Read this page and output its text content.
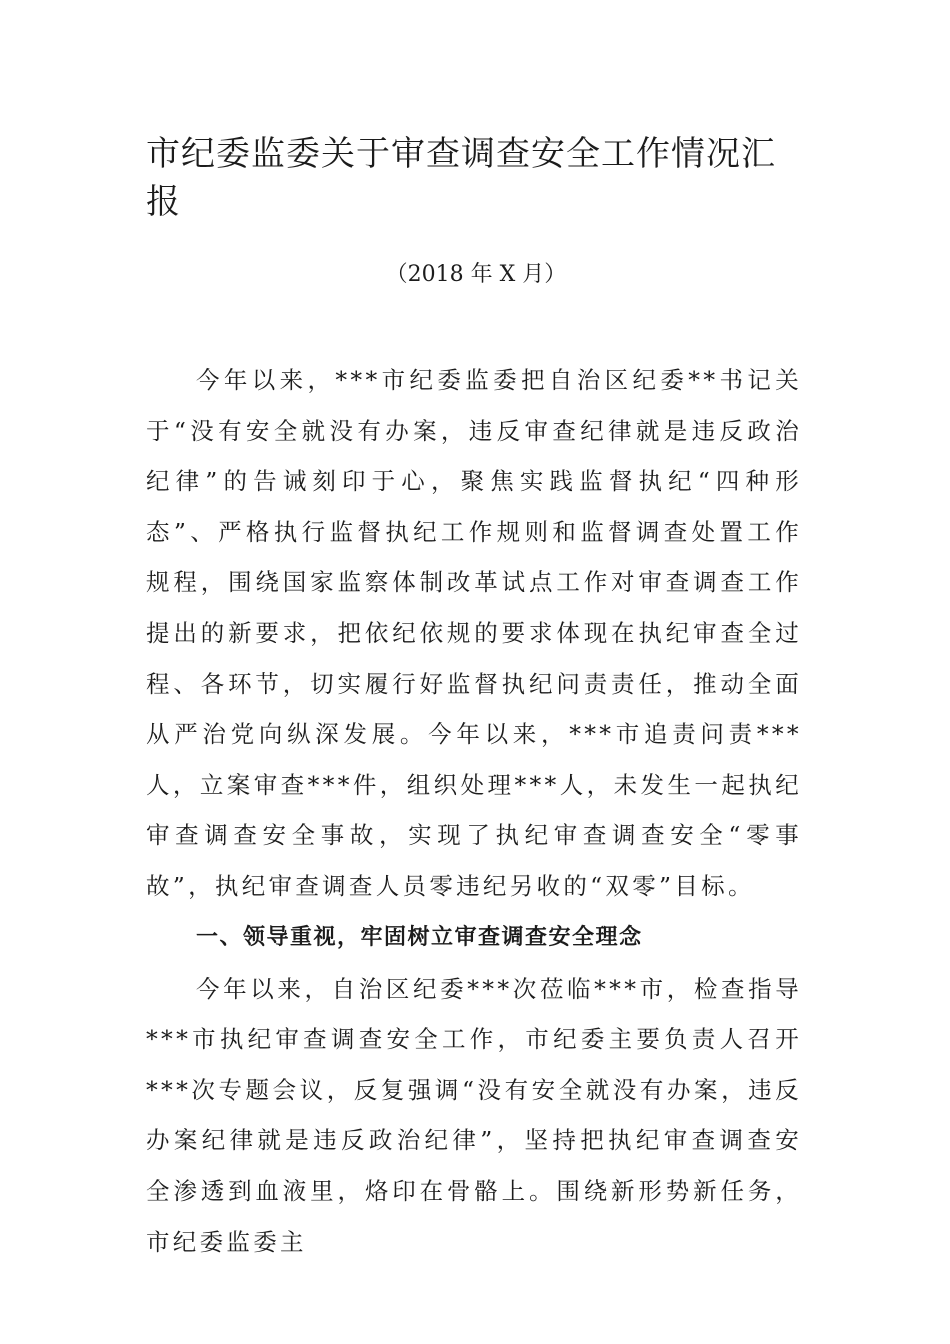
市纪委监委关于审查调查安全工作情况汇报
（2018 年 X 月）

今年以来，***市纪委监委把自治区纪委**书记关于“没有安全就没有办案，违反审查纪律就是违反政治纪律”的告诫刻印于心，聚焦实践监督执纪“四种形态”、严格执行监督执纪工作规则和监督调查处置工作规程，围绕国家监察体制改革试点工作对审查调查工作提出的新要求，把依纪依规的要求体现在执纪审查全过程、各环节，切实履行好监督执纪问责责任，推动全面从严治党向纵深发展。今年以来，***市追责问责***人，立案审查***件，组织处理***人，未发生一起执纪审查调查安全事故，实现了执纪审查调查安全“零事故”，执纪审查调查人员零违纪另收的“双零”目标。

一、领导重视，牢固树立审查调查安全理念

今年以来，自治区纪委***次莅临***市，检查指导***市执纪审查调查安全工作，市纪委主要负责人召开***次专题会议，反复强调“没有安全就没有办案，违反办案纪律就是违反政治纪律”，坚持把执纪审查调查安全渗透到血液里，烙印在骨骼上。围绕新形势新任务，市纪委监委主
